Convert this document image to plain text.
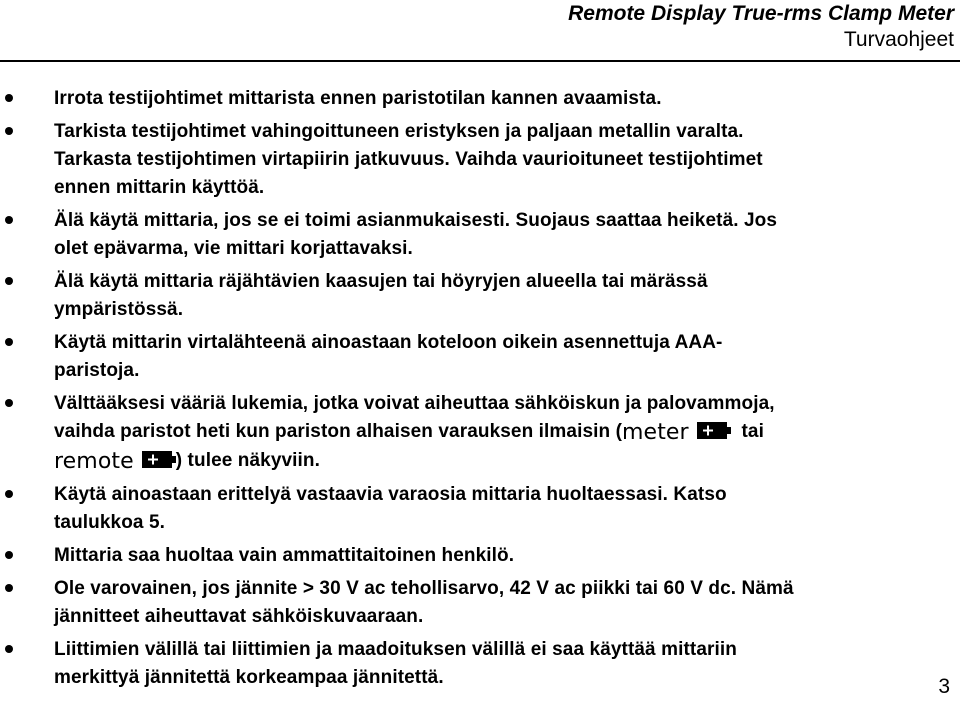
Remote Display True-rms Clamp Meter
Turvaohjeet
Irrota testijohtimet mittarista ennen paristotilan kannen avaamista.
Tarkista testijohtimet vahingoittuneen eristyksen ja paljaan metallin varalta.
Tarkasta testijohtimen virtapiirin jatkuvuus. Vaihda vaurioituneet testijohtimet
ennen mittarin käyttöä.
Älä käytä mittaria, jos se ei toimi asianmukaisesti. Suojaus saattaa heiketä. Jos
olet epävarma, vie mittari korjattavaksi.
Älä käytä mittaria räjähtävien kaasujen tai höyryjen alueella tai märässä
ympäristössä.
Käytä mittarin virtalähteenä ainoastaan koteloon oikein asennettuja AAA-
paristoja.
Välttääksesi vääriä lukemia, jotka voivat aiheuttaa sähköiskun ja palovammoja,
vaihda paristot heti kun pariston alhaisen varauksen ilmaisin (meter	tai
remote ) tulee näkyviin.
Käytä ainoastaan erittelyä vastaavia varaosia mittaria huoltaessasi. Katso
taulukkoa 5.
Mittaria saa huoltaa vain ammattitaitoinen henkilö.
Ole varovainen, jos jännite > 30 V ac tehollisarvo, 42 V ac piikki tai 60 V dc. Nämä
jännitteet aiheuttavat sähköiskuvaaraan.
Liittimien välillä tai liittimien ja maadoituksen välillä ei saa käyttää mittariin
merkittyä jännitettä korkeampaa jännitettä.	3
